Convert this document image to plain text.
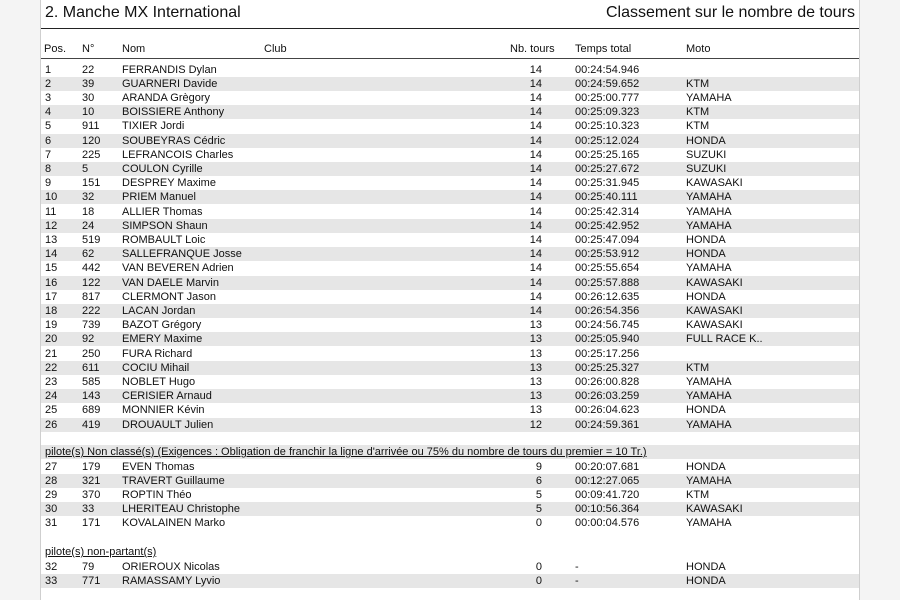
2. Manche MX International	Classement sur le nombre de tours
Pos. N°	Nom	Club	Nb. tours Temps total	Moto
1	22	FERRANDIS Dylan	14	00:24:54.946
2	39	GUARNERI Davide	14	00:24:59.652	KTM
3	30	ARANDA Grègory	14	00:25:00.777	YAMAHA
4	10	BOISSIERE Anthony	14	00:25:09.323	KTM
5	911 TIXIER Jordi	14	00:25:10.323	KTM
6	120 SOUBEYRAS Cédric	14	00:25:12.024	HONDA
7	225 LEFRANCOIS Charles	14	00:25:25.165	SUZUKI
8	5	COULON Cyrille	14	00:25:27.672	SUZUKI
9	151 DESPREY Maxime	14	00:25:31.945	KAWASAKI
10 32	PRIEM Manuel	14	00:25:40.111	YAMAHA
11 18	ALLIER Thomas	14	00:25:42.314	YAMAHA
12 24	SIMPSON Shaun	14	00:25:42.952	YAMAHA
13 519 ROMBAULT Loic	14	00:25:47.094	HONDA
14 62	SALLEFRANQUE Josse	14	00:25:53.912	HONDA
15 442 VAN BEVEREN Adrien	14	00:25:55.654	YAMAHA
16 122 VAN DAELE Marvin	14	00:25:57.888	KAWASAKI
17 817 CLERMONT Jason	14	00:26:12.635	HONDA
18 222 LACAN Jordan	14	00:26:54.356	KAWASAKI
19 739 BAZOT Grégory	13	00:24:56.745	KAWASAKI
20 92	EMERY Maxime	13	00:25:05.940	FULL RACE K..
21 250 FURA Richard	13	00:25:17.256
22 611 COCIU Mihail	13	00:25:25.327	KTM
23 585 NOBLET Hugo	13	00:26:00.828	YAMAHA
24 143 CERISIER Arnaud	13	00:26:03.259	YAMAHA
25 689 MONNIER Kévin	13	00:26:04.623	HONDA
26 419 DROUAULT Julien	12	00:24:59.361	YAMAHA
pilote(s) Non classé(s) (Exigences : Obligation de franchir la ligne d'arrivée ou 75% du nombre de tours du premier = 10 Tr.)
27 179 EVEN Thomas	9	00:20:07.681	HONDA
28 321 TRAVERT Guillaume	6	00:12:27.065	YAMAHA
29 370 ROPTIN Théo	5	00:09:41.720	KTM
30 33	LHERITEAU Christophe	5	00:10:56.364	KAWASAKI
31 171 KOVALAINEN Marko	0	00:00:04.576	YAMAHA
pilote(s) non-partant(s)
32 79	ORIEROUX Nicolas	0	-	HONDA
33 771 RAMASSAMY Lyvio	0	-	HONDA
